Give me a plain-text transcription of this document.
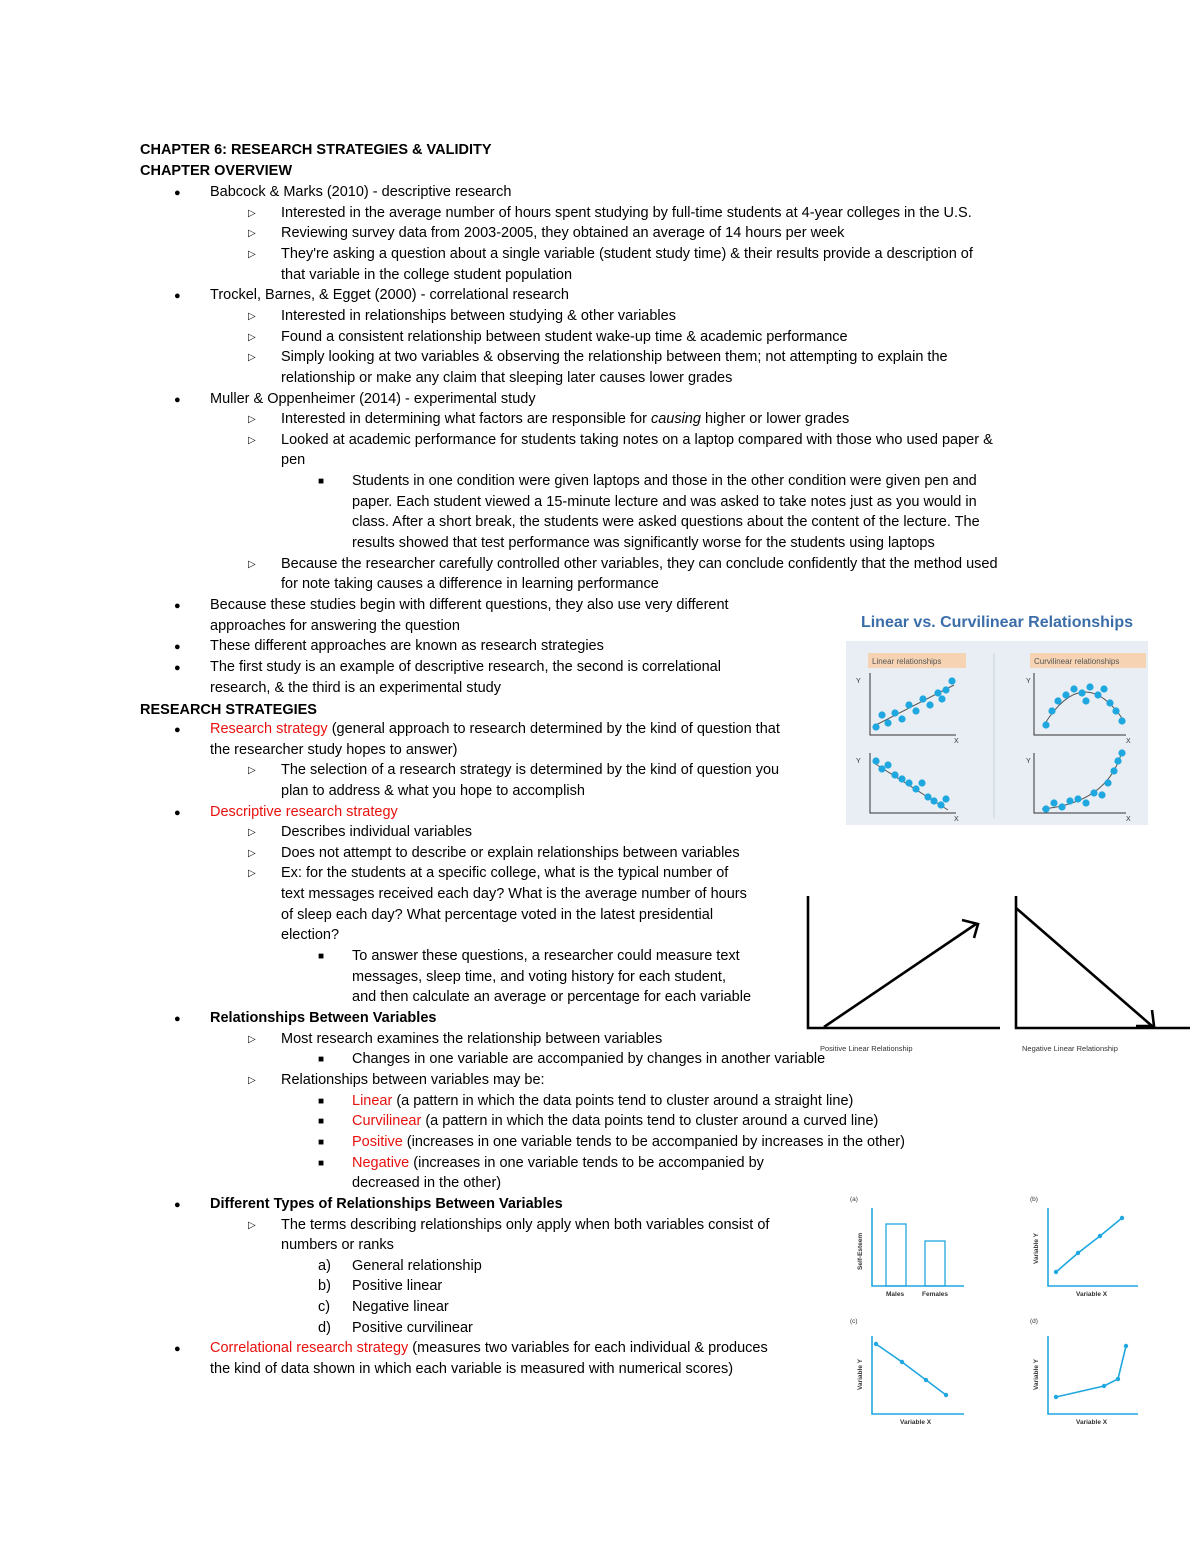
CHAPTER 6: RESEARCH STRATEGIES & VALIDITY
CHAPTER OVERVIEW
● Babcock & Marks (2010) - descriptive research
▷ Interested in the average number of hours spent studying by full-time students at 4-year colleges in the U.S.
▷ Reviewing survey data from 2003-2005, they obtained an average of 14 hours per week
▷ They're asking a question about a single variable (student study time) & their results provide a description of
that variable in the college student population
● Trockel, Barnes, & Egget (2000) - correlational research
▷ Interested in relationships between studying & other variables
▷ Found a consistent relationship between student wake-up time & academic performance
▷ Simply looking at two variables & observing the relationship between them; not attempting to explain the
relationship or make any claim that sleeping later causes lower grades
● Muller & Oppenheimer (2014) - experimental study
▷ Interested in determining what factors are responsible for causing higher or lower grades
▷ Looked at academic performance for students taking notes on a laptop compared with those who used paper &
pen
■ Students in one condition were given laptops and those in the other condition were given pen and
paper. Each student viewed a 15-minute lecture and was asked to take notes just as you would in
class. After a short break, the students were asked questions about the content of the lecture. The
results showed that test performance was significantly worse for the students using laptops
▷ Because the researcher carefully controlled other variables, they can conclude confidently that the method used
for note taking causes a difference in learning performance
● Because these studies begin with different questions, they also use very different
approaches for answering the question
● These different approaches are known as research strategies
● The first study is an example of descriptive research, the second is correlational
research, & the third is an experimental study
RESEARCH STRATEGIES
● Research strategy (general approach to research determined by the kind of question that
the researcher study hopes to answer)
▷ The selection of a research strategy is determined by the kind of question you
plan to address & what you hope to accomplish
● Descriptive research strategy
▷ Describes individual variables
▷ Does not attempt to describe or explain relationships between variables
▷ Ex: for the students at a specific college, what is the typical number of
text messages received each day? What is the average number of hours
of sleep each day? What percentage voted in the latest presidential
election?
■ To answer these questions, a researcher could measure text
messages, sleep time, and voting history for each student,
and then calculate an average or percentage for each variable
● Relationships Between Variables
▷ Most research examines the relationship between variables
■ Changes in one variable are accompanied by changes in another variable
▷ Relationships between variables may be:
■ Linear (a pattern in which the data points tend to cluster around a straight line)
■ Curvilinear (a pattern in which the data points tend to cluster around a curved line)
■ Positive (increases in one variable tends to be accompanied by increases in the other)
■ Negative (increases in one variable tends to be accompanied by
decreased in the other)
● Different Types of Relationships Between Variables
▷ The terms describing relationships only apply when both variables consist of
numbers or ranks
a) General relationship
b) Positive linear
c) Negative linear
d) Positive curvilinear
● Correlational research strategy (measures two variables for each individual & produces
the kind of data shown in which each variable is measured with numerical scores)
Linear vs. Curvilinear Relationships
Linear relationships	Curvilinear relationships
Y
X
Y
X
Y
X
Y
X
Positive Linear Relationship	Negative Linear Relationship
(a)	(b)
(c)	(d)
Self-Esteem
Males	Females
Variable Y
Variable X
Variable Y
Variable X
Variable Y
Variable X
